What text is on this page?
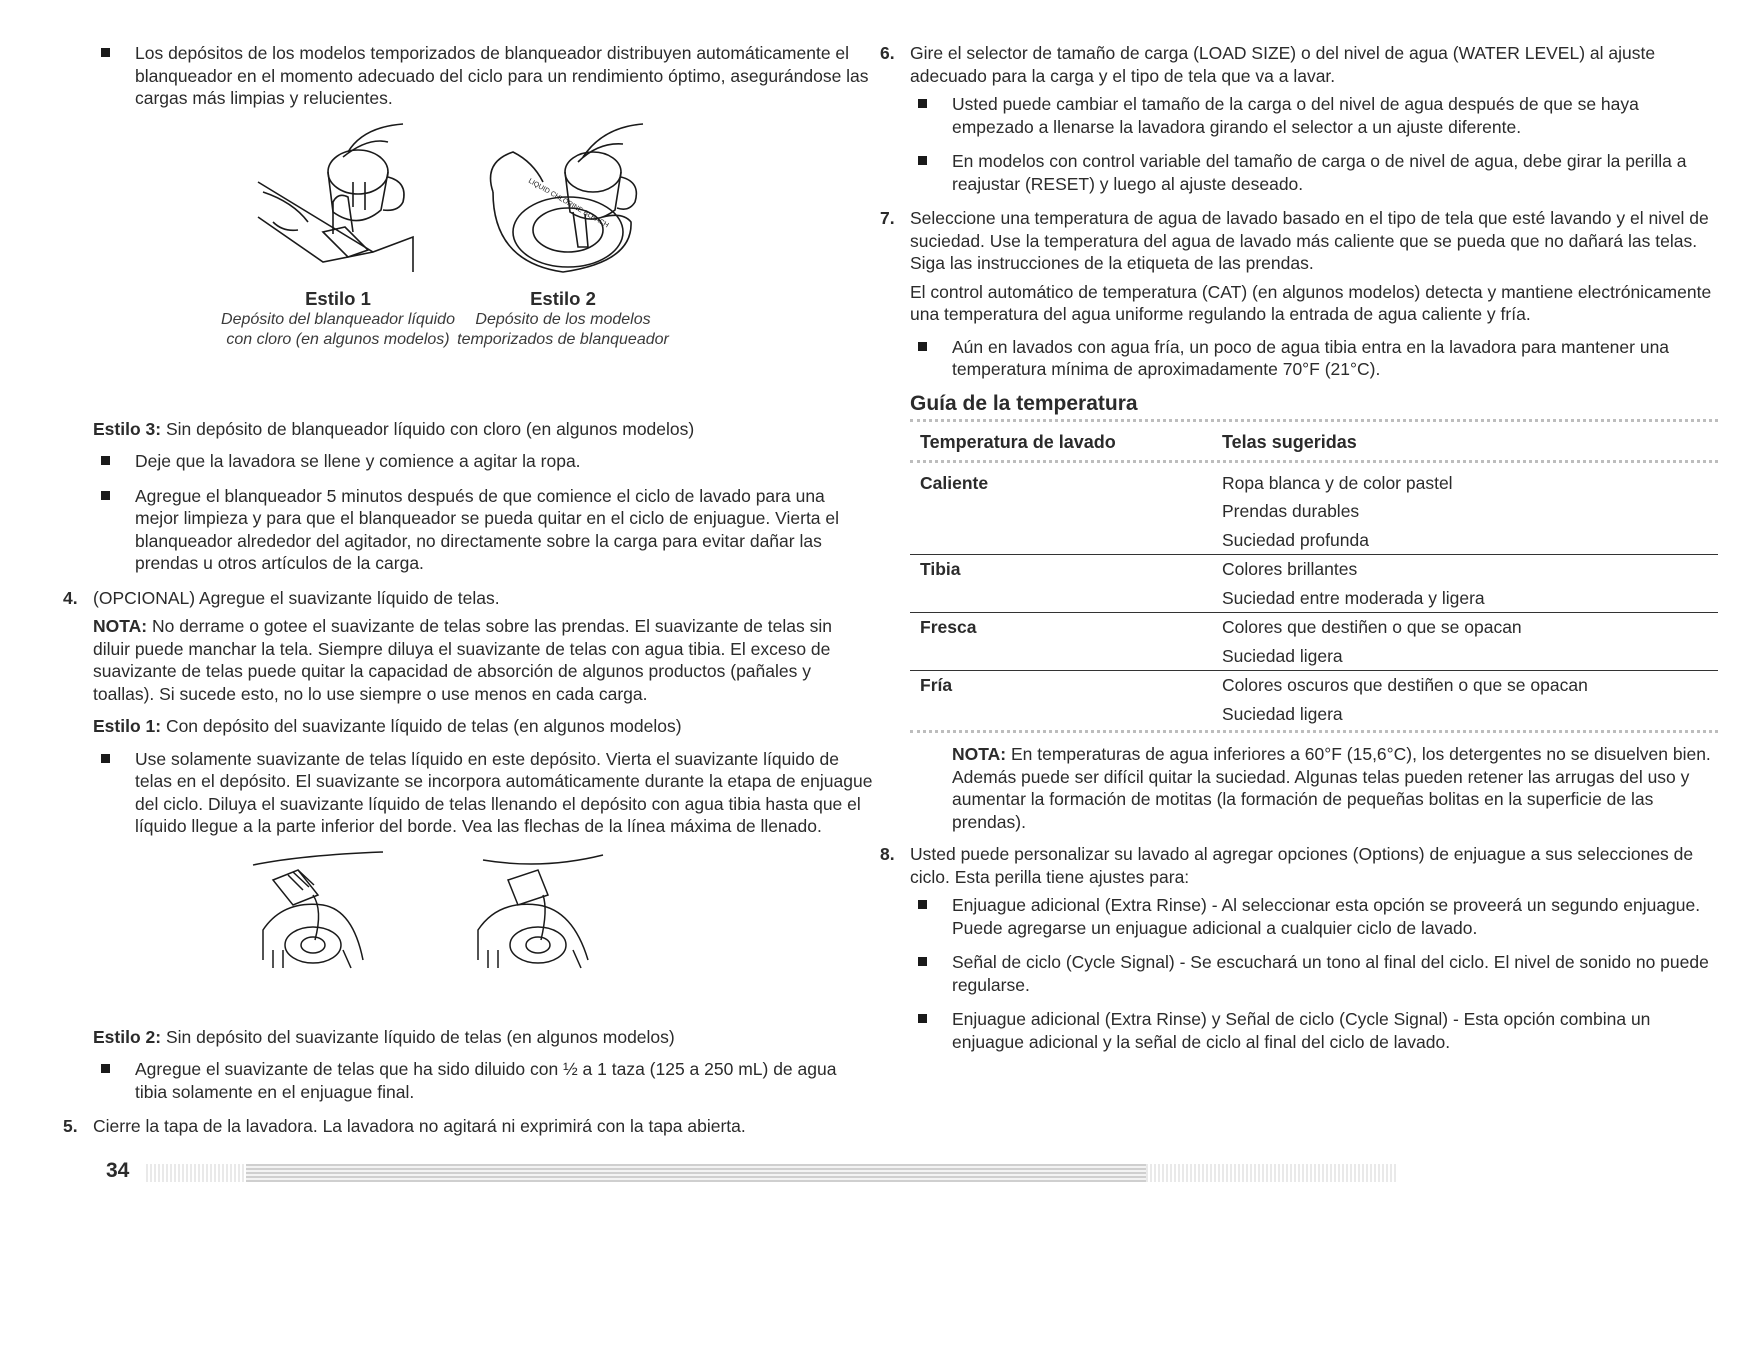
Los depósitos de los modelos temporizados de blanqueador distribuyen automáticamente el blanqueador en el momento adecuado del ciclo para un rendimiento óptimo, asegurándose las cargas más limpias y relucientes.

Estilo 1
Depósito del blanqueador líquido con cloro (en algunos modelos)
LIQUID CHLORINE BLEACH
Estilo 2
Depósito de los modelos temporizados de blanqueador

Estilo 3: Sin depósito de blanqueador líquido con cloro (en algunos modelos)

Deje que la lavadora se llene y comience a agitar la ropa.

Agregue el blanqueador 5 minutos después de que comience el ciclo de lavado para una mejor limpieza y para que el blanqueador se pueda quitar en el ciclo de enjuague. Vierta el blanqueador alrededor del agitador, no directamente sobre la carga para evitar dañar las prendas u otros artículos de la carga.

4. (OPCIONAL) Agregue el suavizante líquido de telas.

NOTA: No derrame o gotee el suavizante de telas sobre las prendas. El suavizante de telas sin diluir puede manchar la tela. Siempre diluya el suavizante de telas con agua tibia. El exceso de suavizante de telas puede quitar la capacidad de absorción de algunos productos (pañales y toallas). Si sucede esto, no lo use siempre o use menos en cada carga.

Estilo 1: Con depósito del suavizante líquido de telas (en algunos modelos)

Use solamente suavizante de telas líquido en este depósito. Vierta el suavizante líquido de telas en el depósito. El suavizante se incorpora automáticamente durante la etapa de enjuague del ciclo. Diluya el suavizante líquido de telas llenando el depósito con agua tibia hasta que el líquido llegue a la parte inferior del borde. Vea las flechas de la línea máxima de llenado.

Estilo 2: Sin depósito del suavizante líquido de telas (en algunos modelos)

Agregue el suavizante de telas que ha sido diluido con ½ a 1 taza (125 a 250 mL) de agua tibia solamente en el enjuague final.

5. Cierre la tapa de la lavadora. La lavadora no agitará ni exprimirá con la tapa abierta.
6. Gire el selector de tamaño de carga (LOAD SIZE) o del nivel de agua (WATER LEVEL) al ajuste adecuado para la carga y el tipo de tela que va a lavar.

Usted puede cambiar el tamaño de la carga o del nivel de agua después de que se haya empezado a llenarse la lavadora girando el selector a un ajuste diferente.

En modelos con control variable del tamaño de carga o de nivel de agua, debe girar la perilla a reajustar (RESET) y luego al ajuste deseado.

7. Seleccione una temperatura de agua de lavado basado en el tipo de tela que esté lavando y el nivel de suciedad. Use la temperatura del agua de lavado más caliente que se pueda que no dañará las telas. Siga las instrucciones de la etiqueta de las prendas.

El control automático de temperatura (CAT) (en algunos modelos) detecta y mantiene electrónicamente una temperatura del agua uniforme regulando la entrada de agua caliente y fría.

Aún en lavados con agua fría, un poco de agua tibia entra en la lavadora para mantener una temperatura mínima de aproximadamente 70°F (21°C).

Guía de la temperatura
Temperatura de lavado	Telas sugeridas

Caliente	Ropa blanca y de color pastel
	Prendas durables
	Suciedad profunda
Tibia	Colores brillantes
	Suciedad entre moderada y ligera
Fresca	Colores que destiñen o que se opacan
	Suciedad ligera
Fría	Colores oscuros que destiñen o que se opacan
	Suciedad ligera

NOTA: En temperaturas de agua inferiores a 60°F (15,6°C), los detergentes no se disuelven bien. Además puede ser difícil quitar la suciedad. Algunas telas pueden retener las arrugas del uso y aumentar la formación de motitas (la formación de pequeñas bolitas en la superficie de las prendas).

8. Usted puede personalizar su lavado al agregar opciones (Options) de enjuague a sus selecciones de ciclo. Esta perilla tiene ajustes para:

Enjuague adicional (Extra Rinse) - Al seleccionar esta opción se proveerá un segundo enjuague. Puede agregarse un enjuague adicional a cualquier ciclo de lavado.

Señal de ciclo (Cycle Signal) - Se escuchará un tono al final del ciclo. El nivel de sonido no puede regularse.

Enjuague adicional (Extra Rinse) y Señal de ciclo (Cycle Signal) - Esta opción combina un enjuague adicional y la señal de ciclo al final del ciclo de lavado.

34
